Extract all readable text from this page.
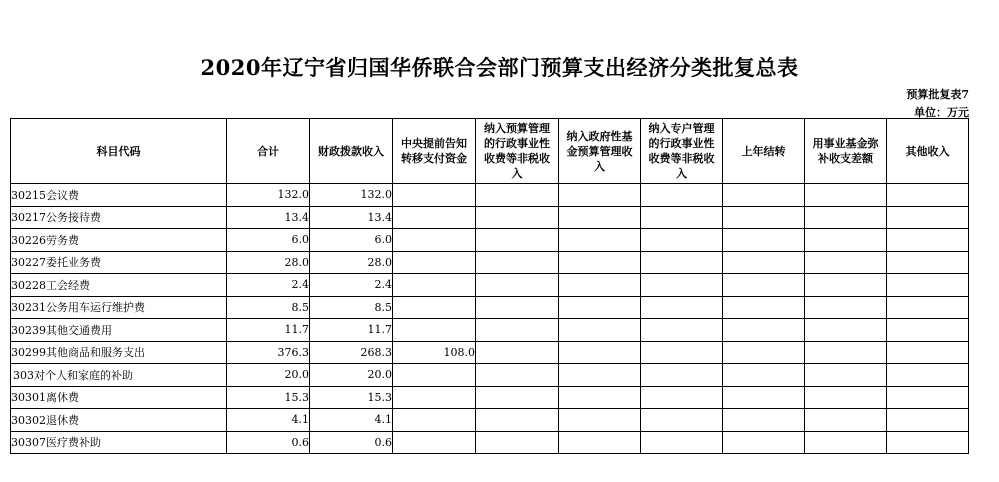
2020年辽宁省归国华侨联合会部门预算支出经济分类批复总表
预算批复表7
单位：万元
科目代码	合计	财政拨款收入	中央提前告知转移支付资金	纳入预算管理的行政事业性收费等非税收入	纳入政府性基金预算管理收入	纳入专户管理的行政事业性收费等非税收入	上年结转	用事业基金弥补收支差额	其他收入
30215会议费	132.0	132.0							
30217公务接待费	13.4	13.4							
30226劳务费	6.0	6.0							
30227委托业务费	28.0	28.0							
30228工会经费	2.4	2.4							
30231公务用车运行维护费	8.5	8.5							
30239其他交通费用	11.7	11.7							
30299其他商品和服务支出	376.3	268.3	108.0						
303对个人和家庭的补助	20.0	20.0							
30301离休费	15.3	15.3							
30302退休费	4.1	4.1							
30307医疗费补助	0.6	0.6							
